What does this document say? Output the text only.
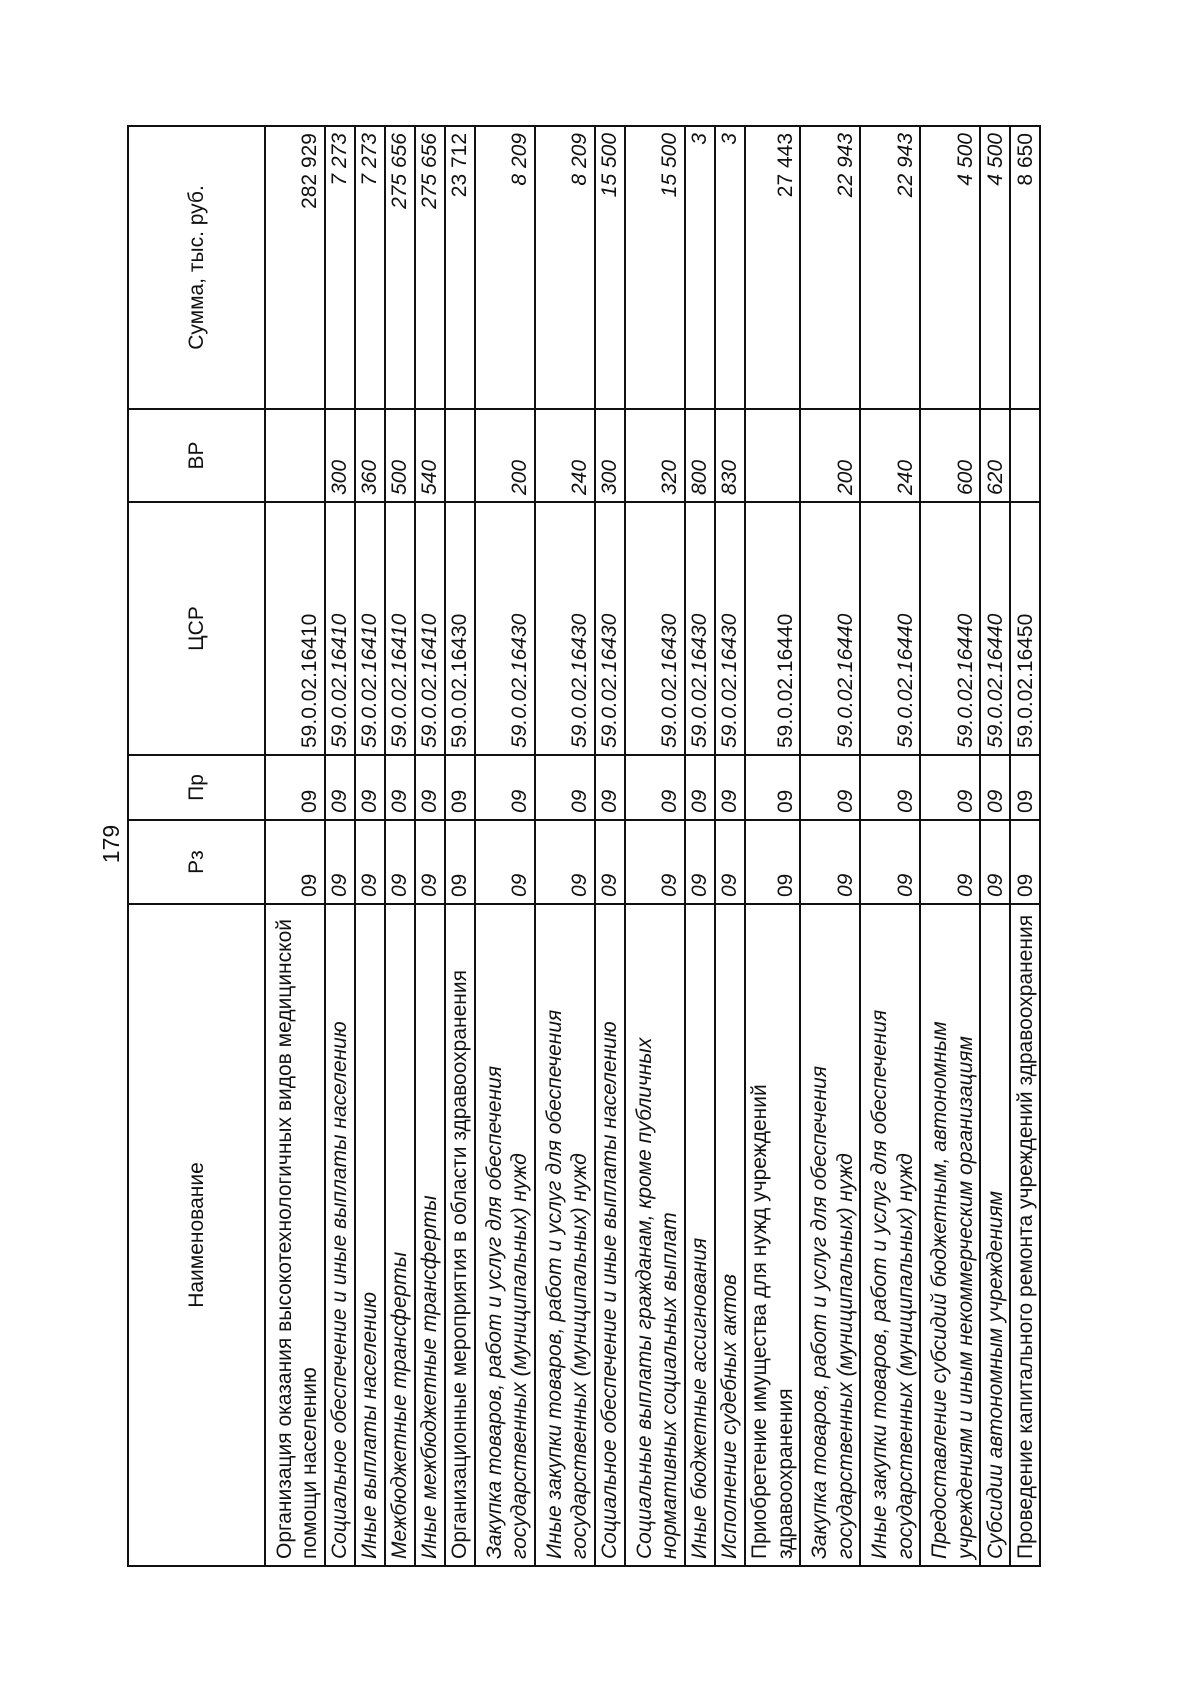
179
Наименование	Рз	Пр	ЦСР	ВР	Сумма, тыс. руб.
Организация оказания высокотехнологичных видов медицинской помощи населению	09	09	59.0.02.16410		282 929
Социальное обеспечение и иные выплаты населению	09	09	59.0.02.16410	300	7 273
Иные выплаты населению	09	09	59.0.02.16410	360	7 273
Межбюджетные трансферты	09	09	59.0.02.16410	500	275 656
Иные межбюджетные трансферты	09	09	59.0.02.16410	540	275 656
Организационные мероприятия в области здравоохранения	09	09	59.0.02.16430		23 712
Закупка товаров, работ и услуг для обеспечения государственных (муниципальных) нужд	09	09	59.0.02.16430	200	8 209
Иные закупки товаров, работ и услуг для обеспечения государственных (муниципальных) нужд	09	09	59.0.02.16430	240	8 209
Социальное обеспечение и иные выплаты населению	09	09	59.0.02.16430	300	15 500
Социальные выплаты гражданам, кроме публичных нормативных социальных выплат	09	09	59.0.02.16430	320	15 500
Иные бюджетные ассигнования	09	09	59.0.02.16430	800	3
Исполнение судебных актов	09	09	59.0.02.16430	830	3
Приобретение имущества для нужд учреждений здравоохранения	09	09	59.0.02.16440		27 443
Закупка товаров, работ и услуг для обеспечения государственных (муниципальных) нужд	09	09	59.0.02.16440	200	22 943
Иные закупки товаров, работ и услуг для обеспечения государственных (муниципальных) нужд	09	09	59.0.02.16440	240	22 943
Предоставление субсидий бюджетным, автономным учреждениям и иным некоммерческим организациям	09	09	59.0.02.16440	600	4 500
Субсидии автономным учреждениям	09	09	59.0.02.16440	620	4 500
Проведение капитального ремонта учреждений здравоохранения	09	09	59.0.02.16450		8 650
